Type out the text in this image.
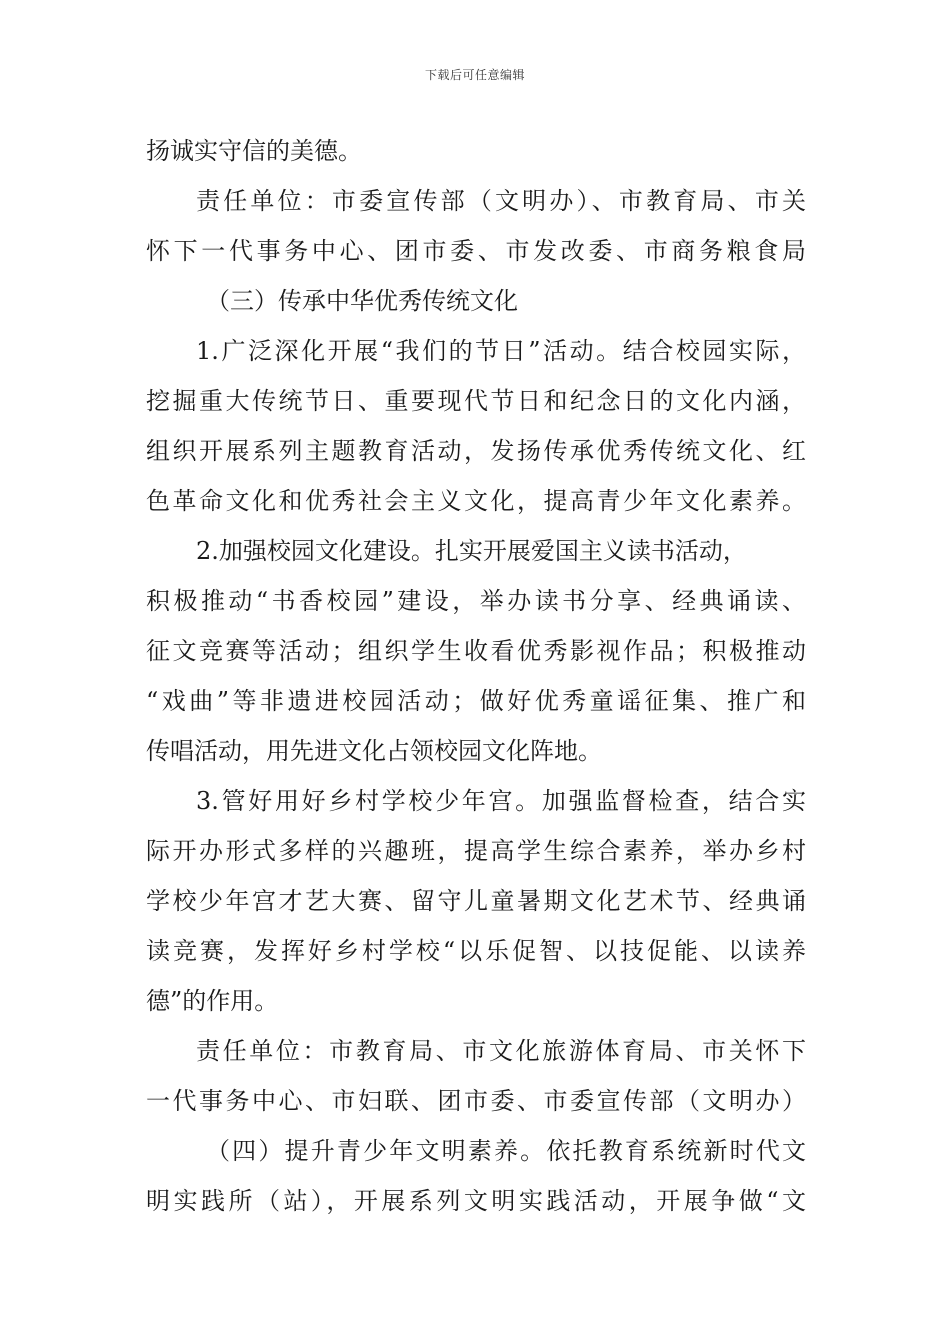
下载后可任意编辑
扬诚实守信的美德。
责任单位：市委宣传部（文明办）、市教育局、市关
怀下一代事务中心、团市委、市发改委、市商务粮食局
（三）传承中华优秀传统文化
1.广泛深化开展“我们的节日”活动。结合校园实际，
挖掘重大传统节日、重要现代节日和纪念日的文化内涵，
组织开展系列主题教育活动，发扬传承优秀传统文化、红
色革命文化和优秀社会主义文化，提高青少年文化素养。
2.加强校园文化建设。扎实开展爱国主义读书活动，
积极推动“书香校园”建设，举办读书分享、经典诵读、
征文竞赛等活动；组织学生收看优秀影视作品；积极推动
“戏曲”等非遗进校园活动；做好优秀童谣征集、推广和
传唱活动，用先进文化占领校园文化阵地。
3.管好用好乡村学校少年宫。加强监督检查，结合实
际开办形式多样的兴趣班，提高学生综合素养，举办乡村
学校少年宫才艺大赛、留守儿童暑期文化艺术节、经典诵
读竞赛，发挥好乡村学校“以乐促智、以技促能、以读养
德”的作用。
责任单位：市教育局、市文化旅游体育局、市关怀下
一代事务中心、市妇联、团市委、市委宣传部（文明办）
（四）提升青少年文明素养。依托教育系统新时代文
明实践所（站），开展系列文明实践活动，开展争做“文
